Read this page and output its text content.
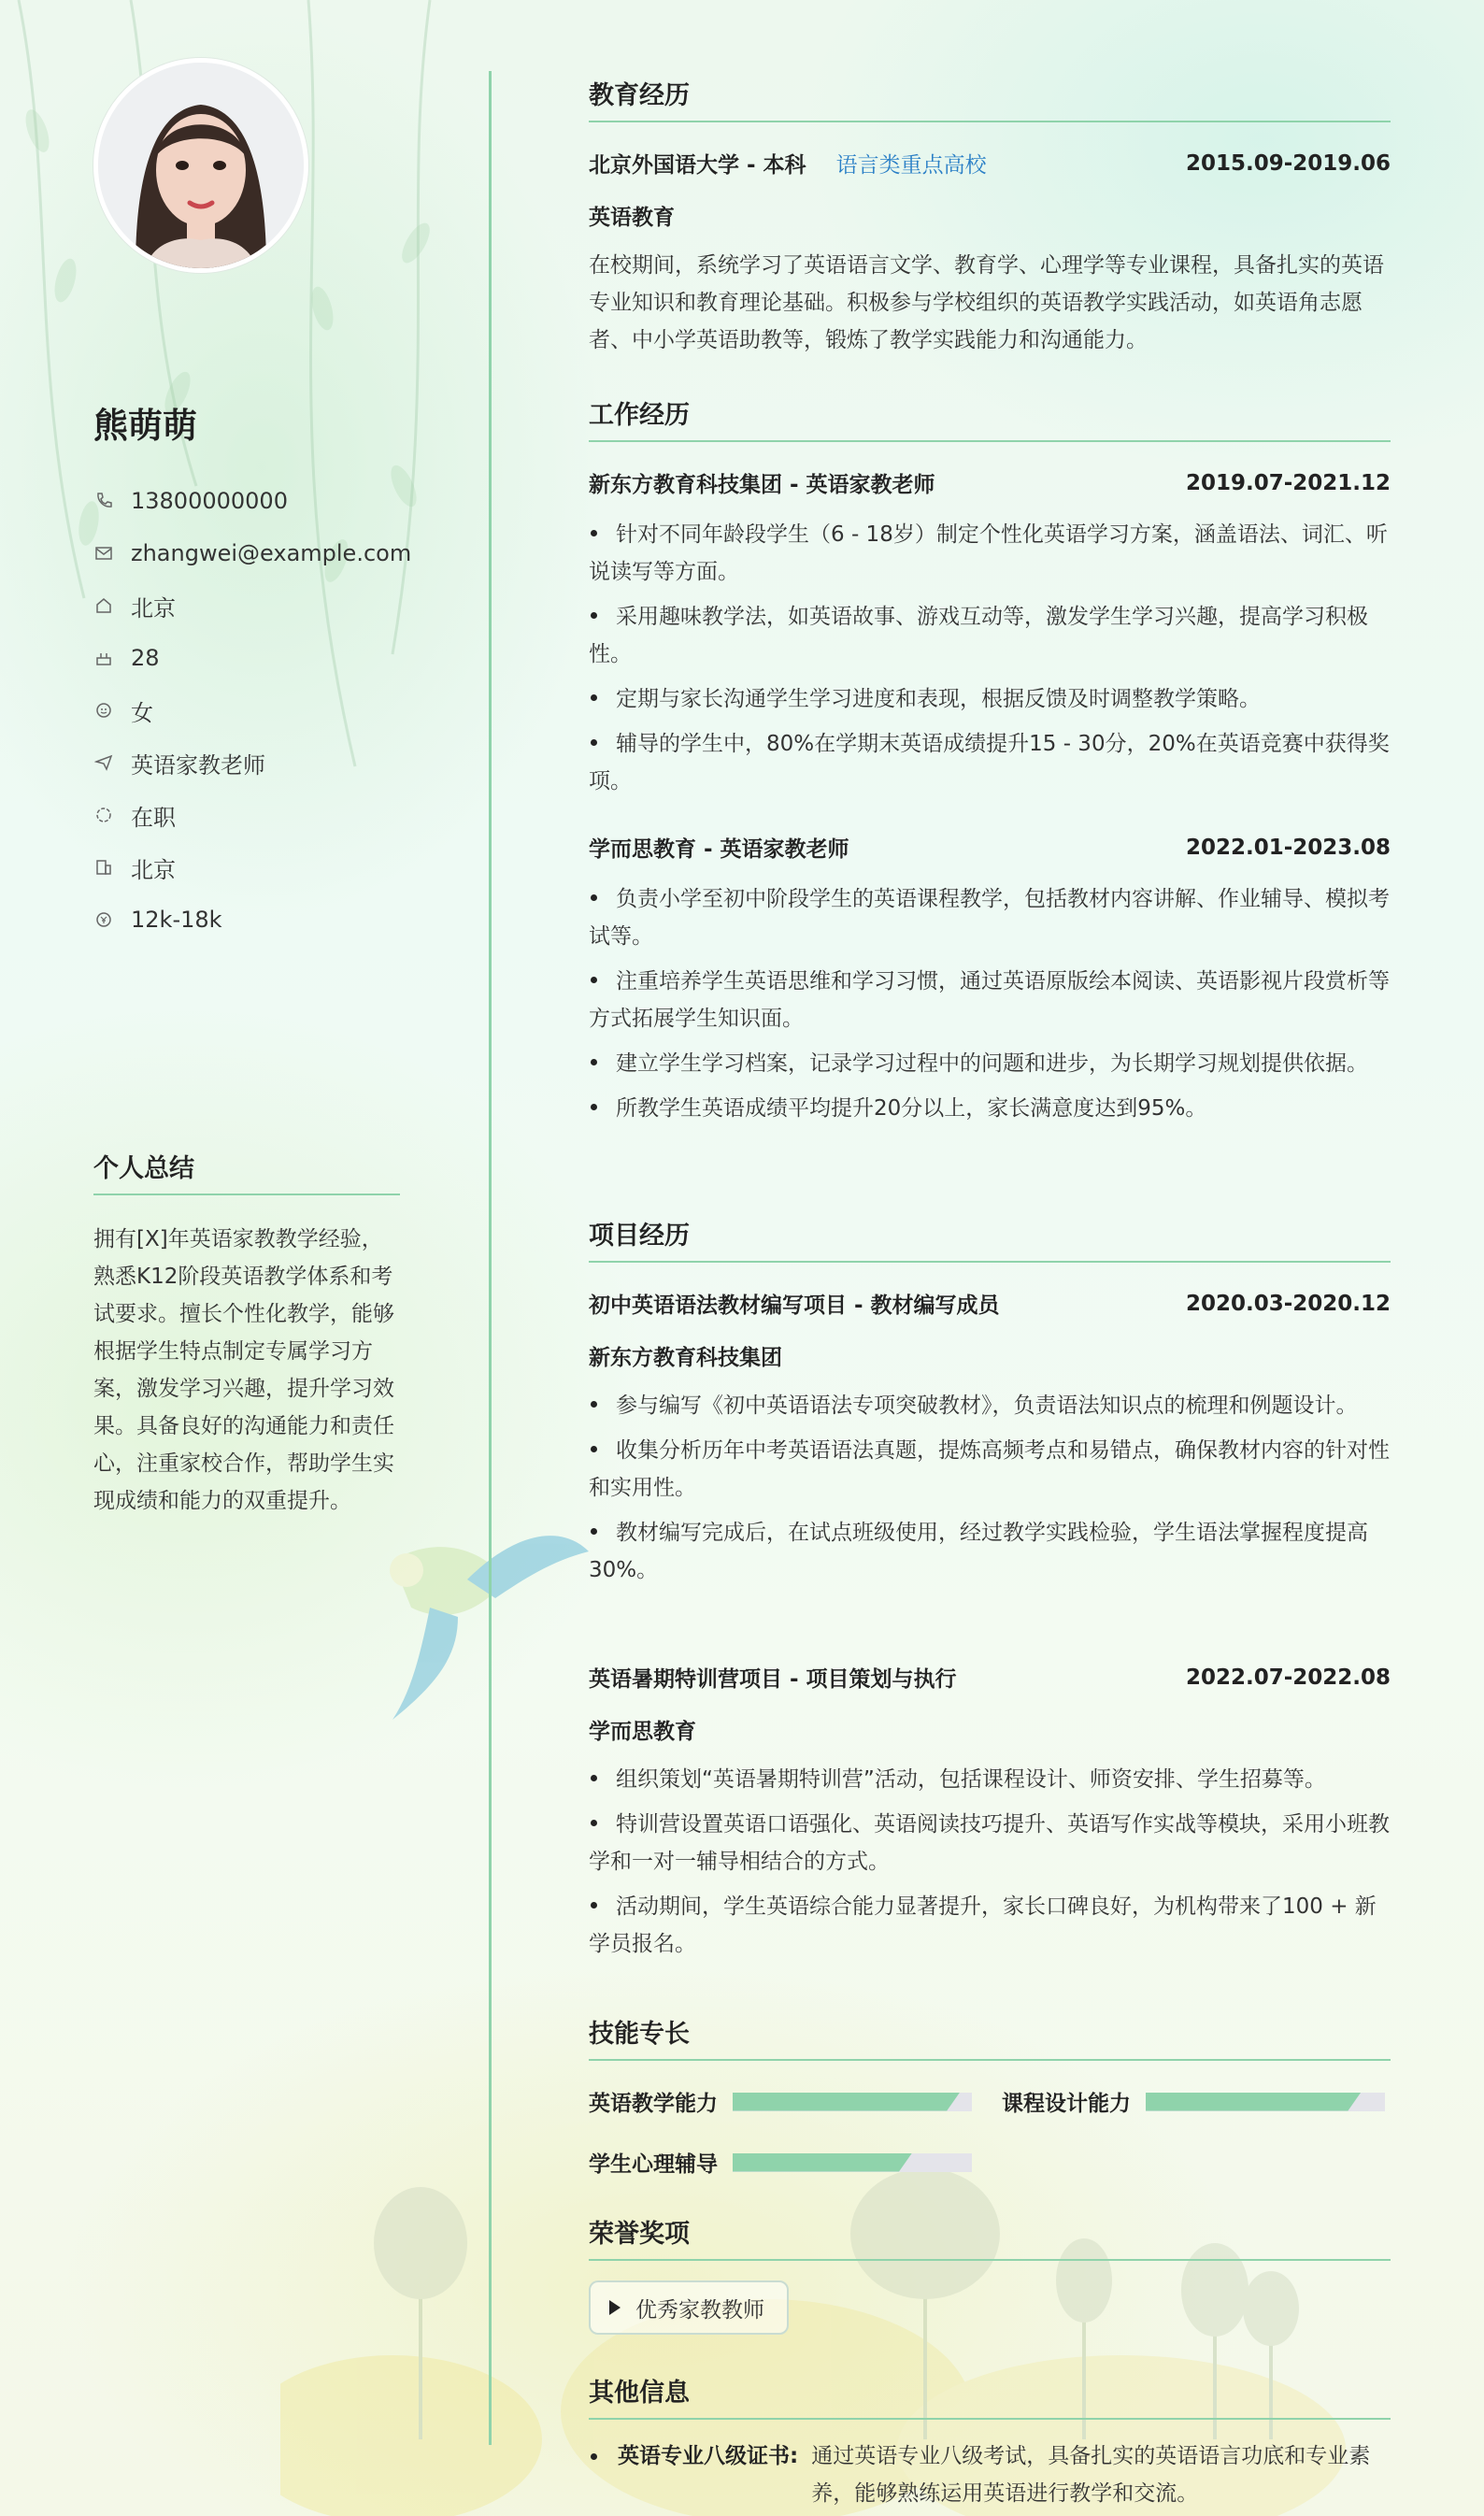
熊萌萌
13800000000
zhangwei@example.com
北京
28
女
英语家教老师
在职
北京
12k-18k
个人总结
拥有[X]年英语家教教学经验，熟悉K12阶段英语教学体系和考试要求。擅长个性化教学，能够根据学生特点制定专属学习方案，激发学习兴趣，提升学习效果。具备良好的沟通能力和责任心，注重家校合作，帮助学生实现成绩和能力的双重提升。
教育经历
北京外国语大学 - 本科 语言类重点高校	2015.09-2019.06
英语教育

在校期间，系统学习了英语语言文学、教育学、心理学等专业课程，具备扎实的英语专业知识和教育理论基础。积极参与学校组织的英语教学实践活动，如英语角志愿者、中小学英语助教等，锻炼了教学实践能力和沟通能力。

工作经历
新东方教育科技集团 - 英语家教老师	2019.07-2021.12
针对不同年龄段学生（6 - 18岁）制定个性化英语学习方案，涵盖语法、词汇、听说读写等方面。
采用趣味教学法，如英语故事、游戏互动等，激发学生学习兴趣，提高学习积极性。
定期与家长沟通学生学习进度和表现，根据反馈及时调整教学策略。
辅导的学生中，80%在学期末英语成绩提升15 - 30分，20%在英语竞赛中获得奖项。
学而思教育 - 英语家教老师	2022.01-2023.08
负责小学至初中阶段学生的英语课程教学，包括教材内容讲解、作业辅导、模拟考试等。
注重培养学生英语思维和学习习惯，通过英语原版绘本阅读、英语影视片段赏析等方式拓展学生知识面。
建立学生学习档案，记录学习过程中的问题和进步，为长期学习规划提供依据。
所教学生英语成绩平均提升20分以上，家长满意度达到95%。
项目经历
初中英语语法教材编写项目 - 教材编写成员	2020.03-2020.12
新东方教育科技集团
参与编写《初中英语语法专项突破教材》，负责语法知识点的梳理和例题设计。
收集分析历年中考英语语法真题，提炼高频考点和易错点，确保教材内容的针对性和实用性。
教材编写完成后，在试点班级使用，经过教学实践检验，学生语法掌握程度提高30%。
英语暑期特训营项目 - 项目策划与执行	2022.07-2022.08
学而思教育
组织策划“英语暑期特训营”活动，包括课程设计、师资安排、学生招募等。
特训营设置英语口语强化、英语阅读技巧提升、英语写作实战等模块，采用小班教学和一对一辅导相结合的方式。
活动期间，学生英语综合能力显著提升，家长口碑良好，为机构带来了100 + 新学员报名。
技能专长
英语教学能力	课程设计能力
学生心理辅导
荣誉奖项
优秀家教教师
其他信息
英语专业八级证书: 通过英语专业八级考试，具备扎实的英语语言功底和专业素养，能够熟练运用英语进行教学和交流。
